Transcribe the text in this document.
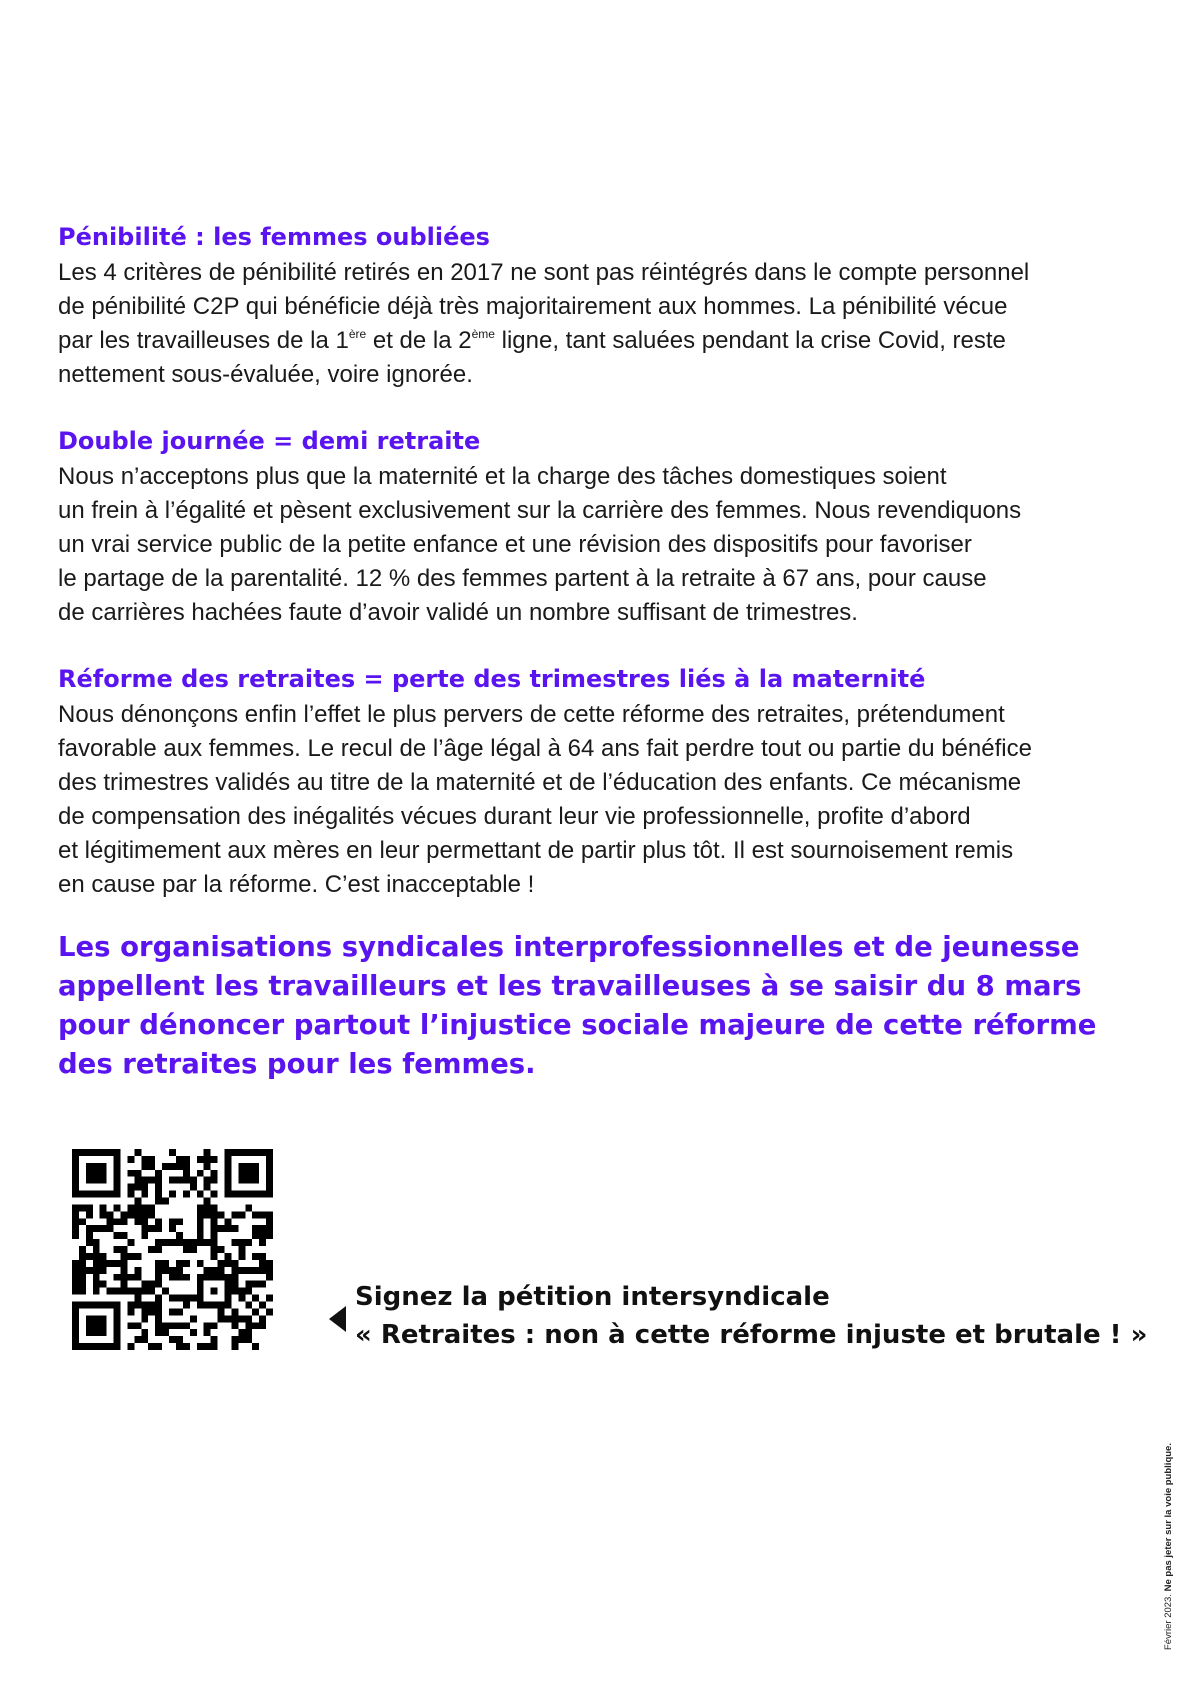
Pénibilité : les femmes oubliées

Les 4 critères de pénibilité retirés en 2017 ne sont pas réintégrés dans le compte personnel

de pénibilité C2P qui bénéficie déjà très majoritairement aux hommes. La pénibilité vécue

par les travailleuses de la 1ère et de la 2ème ligne, tant saluées pendant la crise Covid, reste

nettement sous-évaluée, voire ignorée.

Double journée = demi retraite

Nous n’acceptons plus que la maternité et la charge des tâches domestiques soient

un frein à l’égalité et pèsent exclusivement sur la carrière des femmes. Nous revendiquons

un vrai service public de la petite enfance et une révision des dispositifs pour favoriser

le partage de la parentalité. 12 % des femmes partent à la retraite à 67 ans, pour cause

de carrières hachées faute d’avoir validé un nombre suffisant de trimestres.

Réforme des retraites = perte des trimestres liés à la maternité

Nous dénonçons enfin l’effet le plus pervers de cette réforme des retraites, prétendument

favorable aux femmes. Le recul de l’âge légal à 64 ans fait perdre tout ou partie du bénéfice

des trimestres validés au titre de la maternité et de l’éducation des enfants. Ce mécanisme

de compensation des inégalités vécues durant leur vie professionnelle, profite d’abord

et légitimement aux mères en leur permettant de partir plus tôt. Il est sournoisement remis

en cause par la réforme. C’est inacceptable !

Les organisations syndicales interprofessionnelles et de jeunesse
appellent les travailleurs et les travailleuses à se saisir du 8 mars
pour dénoncer partout l’injustice sociale majeure de cette réforme
des retraites pour les femmes.
Signez la pétition intersyndicale
« Retraites : non à cette réforme injuste et brutale ! »
Février 2023. Ne pas jeter sur la voie publique.
